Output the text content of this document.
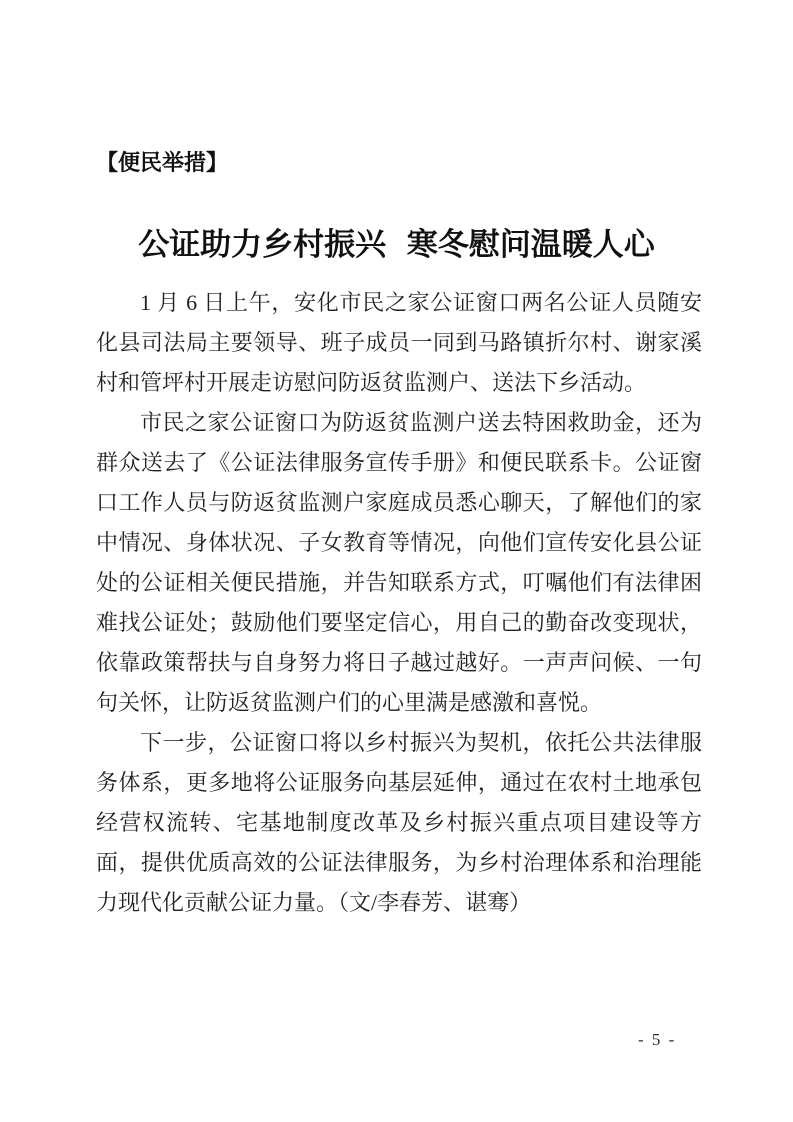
【便民举措】
公证助力乡村振兴 寒冬慰问温暖人心

1 月 6 日上午，安化市民之家公证窗口两名公证人员随安化县司法局主要领导、班子成员一同到马路镇折尔村、谢家溪村和管坪村开展走访慰问防返贫监测户、送法下乡活动。

市民之家公证窗口为防返贫监测户送去特困救助金，还为群众送去了《公证法律服务宣传手册》和便民联系卡。公证窗口工作人员与防返贫监测户家庭成员悉心聊天，了解他们的家中情况、身体状况、子女教育等情况，向他们宣传安化县公证处的公证相关便民措施，并告知联系方式，叮嘱他们有法律困难找公证处；鼓励他们要坚定信心，用自己的勤奋改变现状，依靠政策帮扶与自身努力将日子越过越好。一声声问候、一句句关怀，让防返贫监测户们的心里满是感激和喜悦。

下一步，公证窗口将以乡村振兴为契机，依托公共法律服务体系，更多地将公证服务向基层延伸，通过在农村土地承包经营权流转、宅基地制度改革及乡村振兴重点项目建设等方面，提供优质高效的公证法律服务，为乡村治理体系和治理能力现代化贡献公证力量。（文/李春芳、谌骞）

- 5 -
